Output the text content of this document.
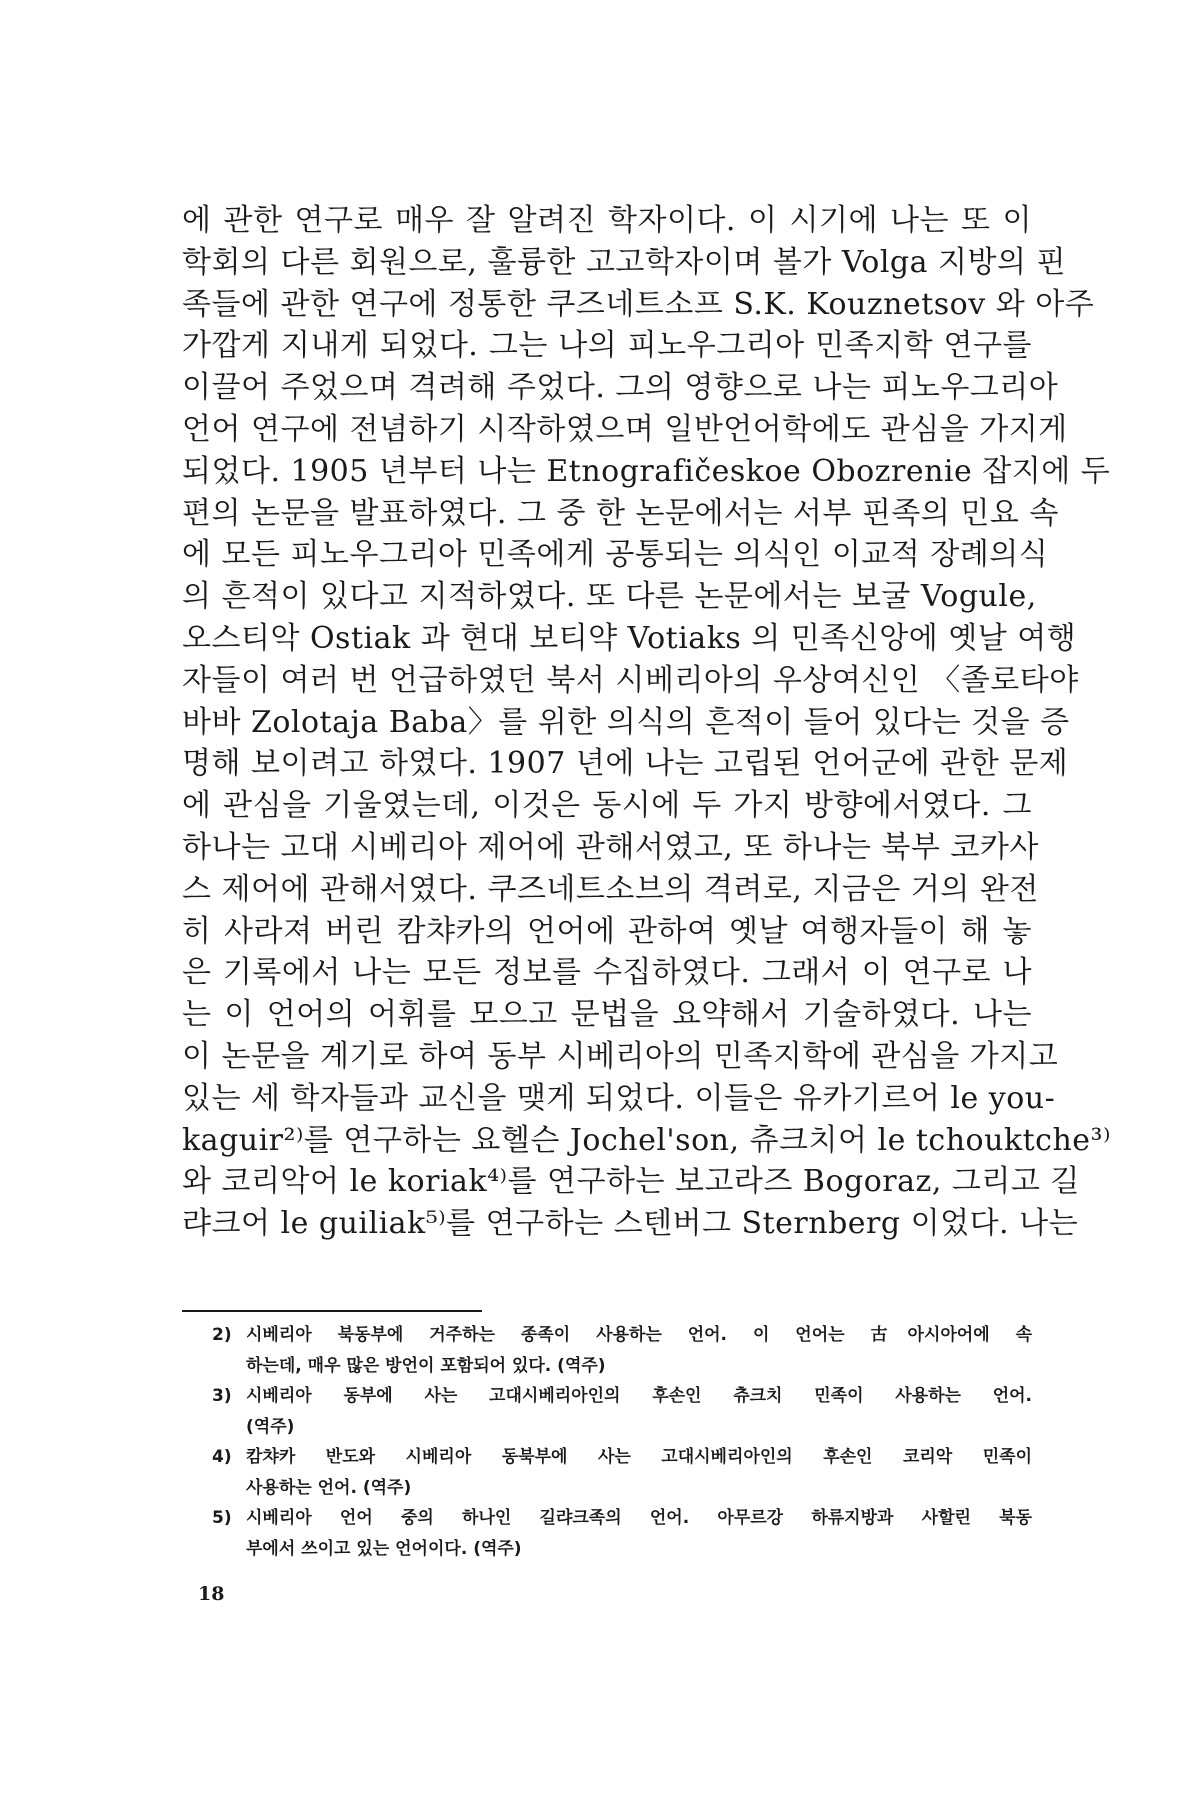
에 관한 연구로 매우 잘 알려진 학자이다. 이 시기에 나는 또 이
학회의 다른 회원으로, 훌륭한 고고학자이며 볼가 Volga 지방의 핀
족들에 관한 연구에 정통한 쿠즈네트소프 S.K. Kouznetsov 와 아주
가깝게 지내게 되었다. 그는 나의 피노우그리아 민족지학 연구를
이끌어 주었으며 격려해 주었다. 그의 영향으로 나는 피노우그리아
언어 연구에 전념하기 시작하였으며 일반언어학에도 관심을 가지게
되었다. 1905 년부터 나는 Etnografičeskoe Obozrenie 잡지에 두
편의 논문을 발표하였다. 그 중 한 논문에서는 서부 핀족의 민요 속
에 모든 피노우그리아 민족에게 공통되는 의식인 이교적 장례의식
의 흔적이 있다고 지적하였다. 또 다른 논문에서는 보굴 Vogule,
오스티악 Ostiak 과 현대 보티약 Votiaks 의 민족신앙에 옛날 여행
자들이 여러 번 언급하였던 북서 시베리아의 우상여신인 〈졸로타야
바바 Zolotaja Baba〉를 위한 의식의 흔적이 들어 있다는 것을 증
명해 보이려고 하였다. 1907 년에 나는 고립된 언어군에 관한 문제
에 관심을 기울였는데, 이것은 동시에 두 가지 방향에서였다. 그
하나는 고대 시베리아 제어에 관해서였고, 또 하나는 북부 코카사
스 제어에 관해서였다. 쿠즈네트소브의 격려로, 지금은 거의 완전
히 사라져 버린 캄챠카의 언어에 관하여 옛날 여행자들이 해 놓
은 기록에서 나는 모든 정보를 수집하였다. 그래서 이 연구로 나
는 이 언어의 어휘를 모으고 문법을 요약해서 기술하였다. 나는
이 논문을 계기로 하여 동부 시베리아의 민족지학에 관심을 가지고
있는 세 학자들과 교신을 맺게 되었다. 이들은 유카기르어 le you-
kaguir²⁾를 연구하는 요헬슨 Jochel'son, 츄크치어 le tchouktche³⁾
와 코리악어 le koriak⁴⁾를 연구하는 보고라즈 Bogoraz, 그리고 길
랴크어 le guiliak⁵⁾를 연구하는 스텐버그 Sternberg 이었다. 나는
2) 시베리아 북동부에 거주하는 종족이 사용하는 언어. 이 언어는 古아시아어에 속
하는데, 매우 많은 방언이 포함되어 있다. (역주)
3) 시베리아 동부에 사는 고대시베리아인의 후손인 츄크치 민족이 사용하는 언어.
(역주)
4) 캄챠카 반도와 시베리아 동북부에 사는 고대시베리아인의 후손인 코리악 민족이
사용하는 언어. (역주)
5) 시베리아 언어 중의 하나인 길랴크족의 언어. 아무르강 하류지방과 사할린 북동
부에서 쓰이고 있는 언어이다. (역주)
18
